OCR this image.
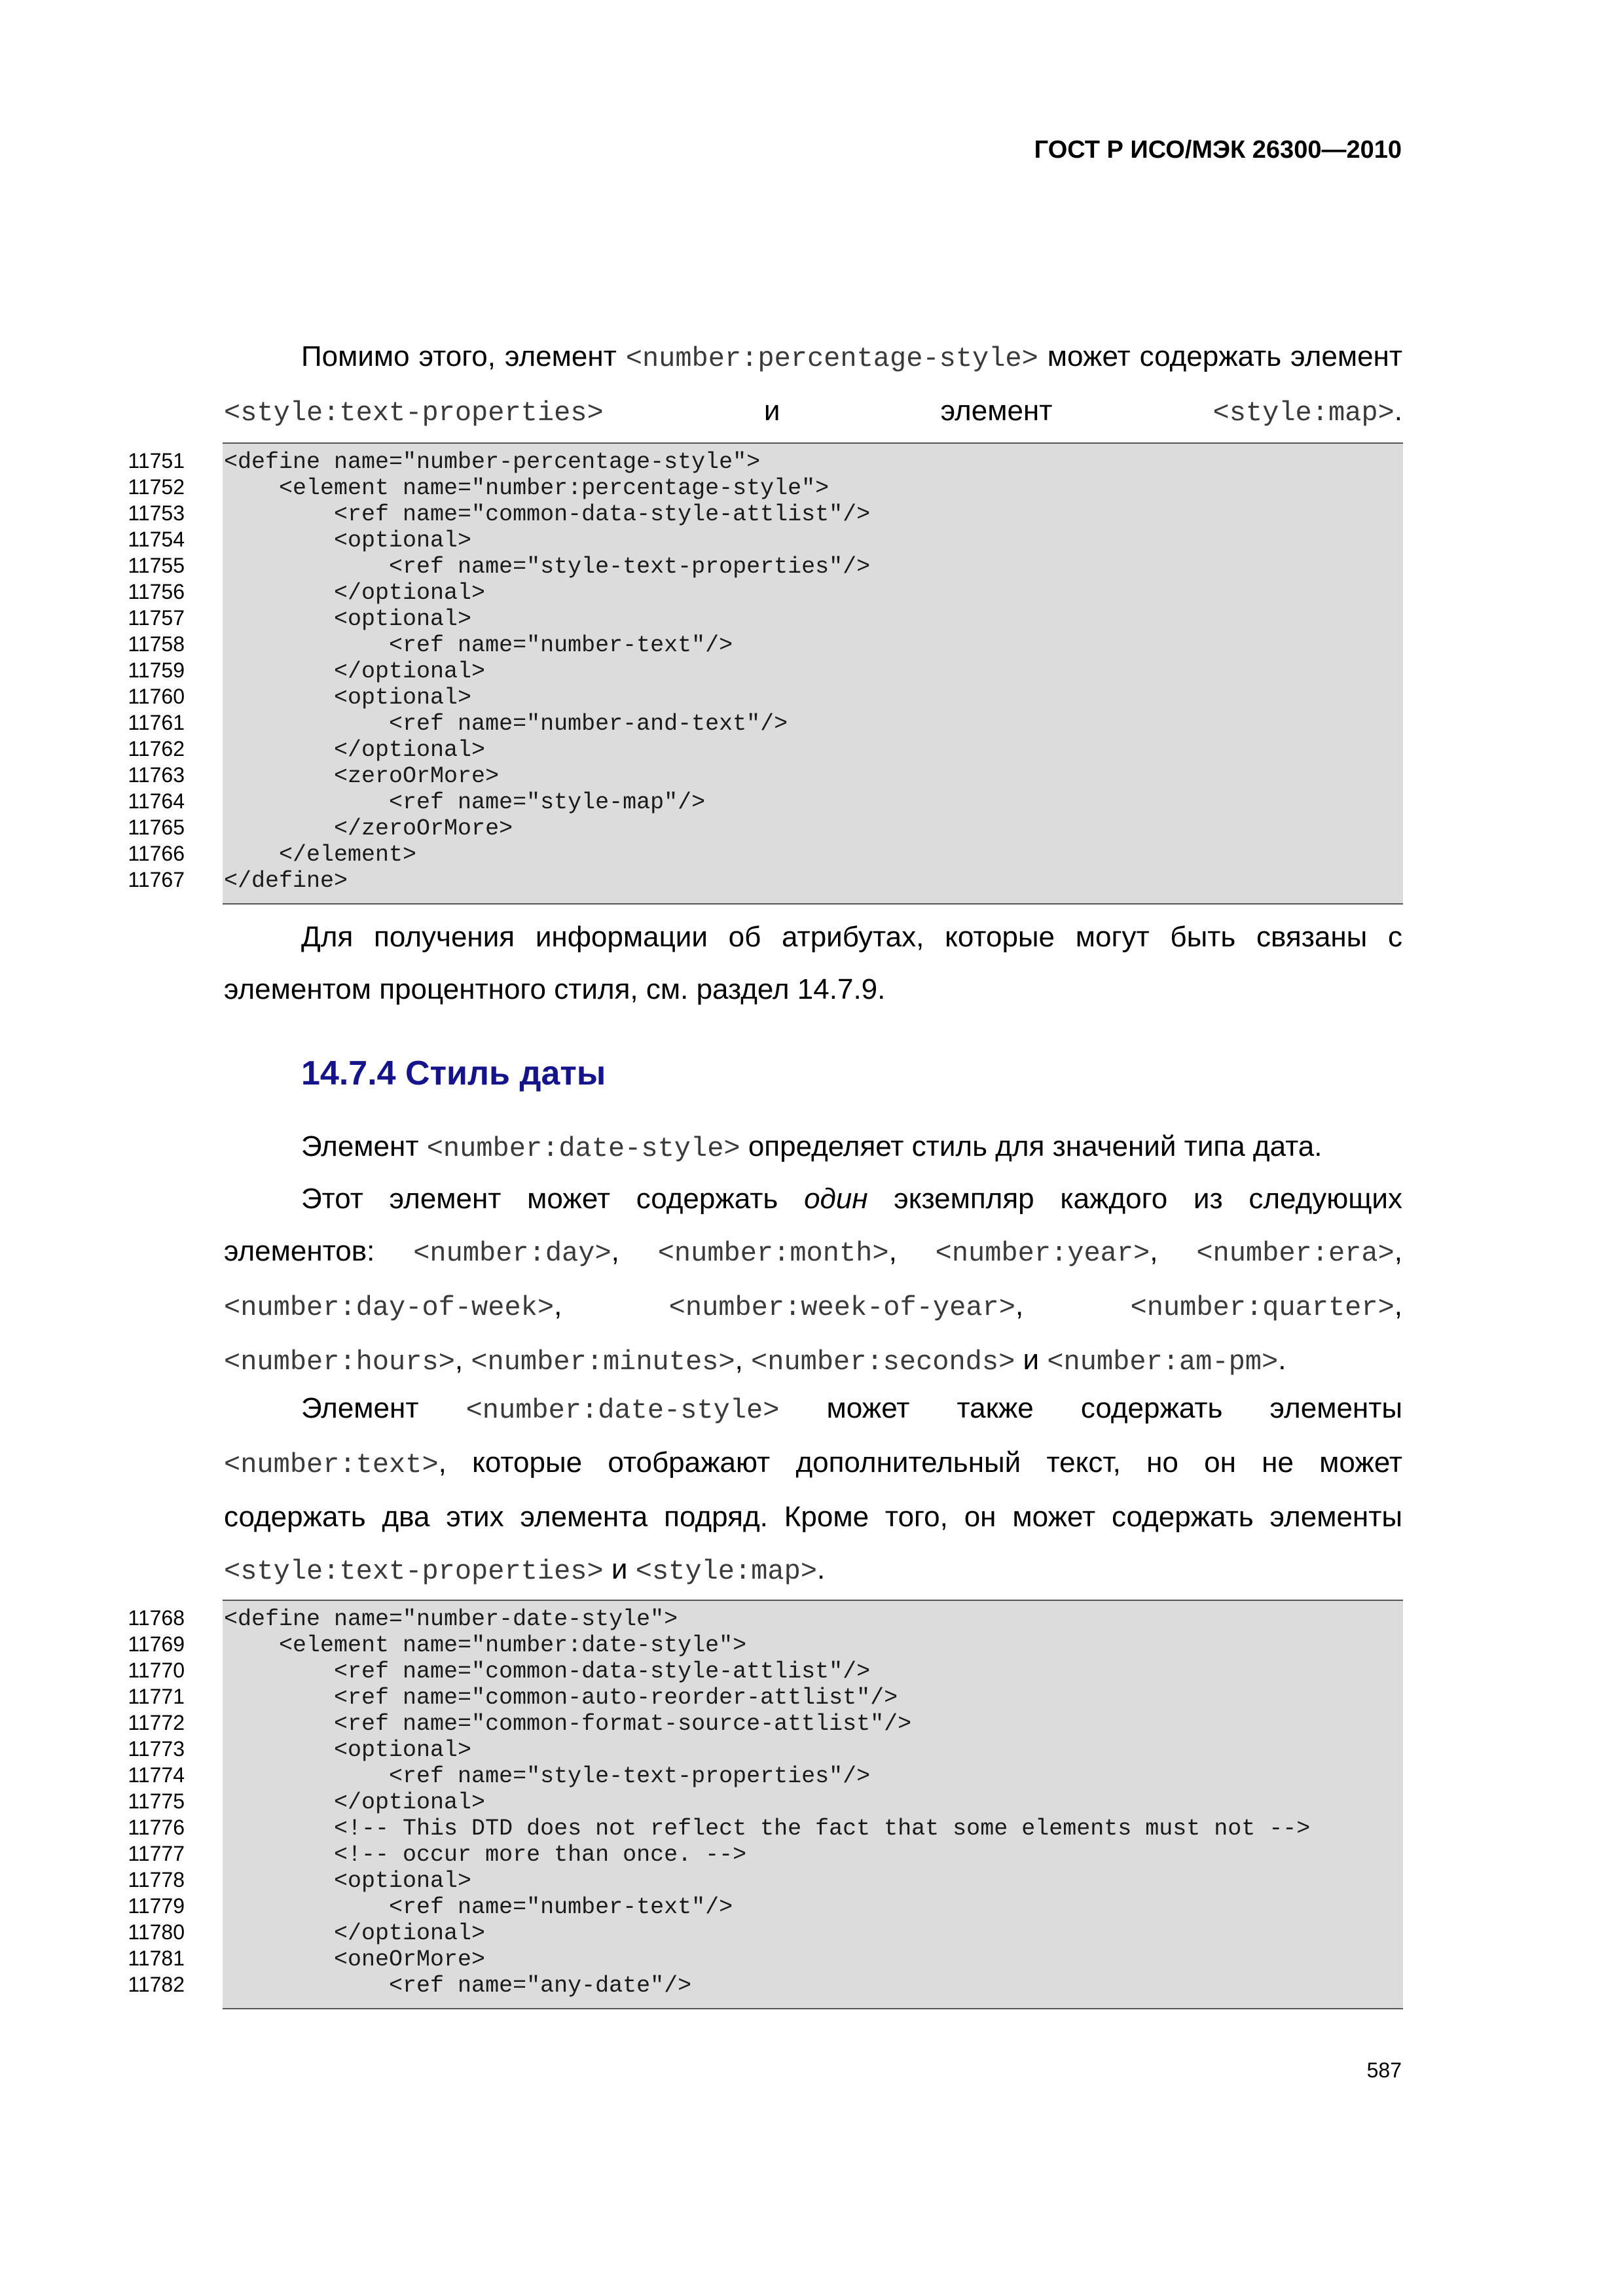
ГОСТ Р ИСО/МЭК 26300—2010

Помимо этого, элемент <number:percentage-style> может содержать элемент <style:text-properties> и элемент <style:map>.

11751
11752
11753
11754
11755
11756
11757
11758
11759
11760
11761
11762
11763
11764
11765
11766
11767
<define name="number-percentage-style">
<element name="number:percentage-style">
<ref name="common-data-style-attlist"/>
<optional>
<ref name="style-text-properties"/>
</optional>
<optional>
<ref name="number-text"/>
</optional>
<optional>
<ref name="number-and-text"/>
</optional>
<zeroOrMore>
<ref name="style-map"/>
</zeroOrMore>
</element>
</define>

Для получения информации об атрибутах, которые могут быть связаны с элементом процентного стиля, см. раздел 14.7.9.

14.7.4 Стиль даты

Элемент <number:date-style> определяет стиль для значений типа дата.

Этот элемент может содержать один экземпляр каждого из следующих элементов: <number:day>, <number:month>, <number:year>, <number:era>, <number:day-of-week>, <number:week-of-year>, <number:quarter>, <number:hours>, <number:minutes>, <number:seconds> и <number:am-pm>.

Элемент <number:date-style> может также содержать элементы <number:text>, которые отображают дополнительный текст, но он не может содержать два этих элемента подряд. Кроме того, он может содержать элементы <style:text-properties> и <style:map>.

11768
11769
11770
11771
11772
11773
11774
11775
11776
11777
11778
11779
11780
11781
11782
<define name="number-date-style">
<element name="number:date-style">
<ref name="common-data-style-attlist"/>
<ref name="common-auto-reorder-attlist"/>
<ref name="common-format-source-attlist"/>
<optional>
<ref name="style-text-properties"/>
</optional>
<!-- This DTD does not reflect the fact that some elements must not -->
<!-- occur more than once. -->
<optional>
<ref name="number-text"/>
</optional>
<oneOrMore>
<ref name="any-date"/>
587
